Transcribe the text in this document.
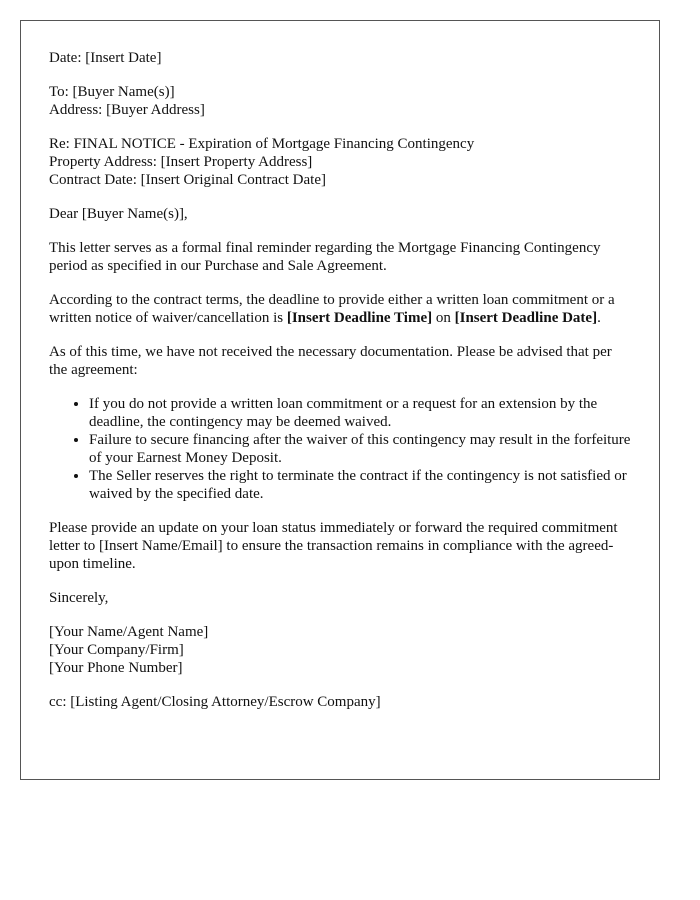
Date: [Insert Date]

To: [Buyer Name(s)]
Address: [Buyer Address]

Re: FINAL NOTICE - Expiration of Mortgage Financing Contingency
Property Address: [Insert Property Address]
Contract Date: [Insert Original Contract Date]

Dear [Buyer Name(s)],

This letter serves as a formal final reminder regarding the Mortgage Financing Contingency period as specified in our Purchase and Sale Agreement.

According to the contract terms, the deadline to provide either a written loan commitment or a written notice of waiver/cancellation is [Insert Deadline Time] on [Insert Deadline Date].

As of this time, we have not received the necessary documentation. Please be advised that per the agreement:

• If you do not provide a written loan commitment or a request for an extension by the deadline, the contingency may be deemed waived.
• Failure to secure financing after the waiver of this contingency may result in the forfeiture of your Earnest Money Deposit.
• The Seller reserves the right to terminate the contract if the contingency is not satisfied or waived by the specified date.

Please provide an update on your loan status immediately or forward the required commitment letter to [Insert Name/Email] to ensure the transaction remains in compliance with the agreed-upon timeline.

Sincerely,

[Your Name/Agent Name]
[Your Company/Firm]
[Your Phone Number]

cc: [Listing Agent/Closing Attorney/Escrow Company]
